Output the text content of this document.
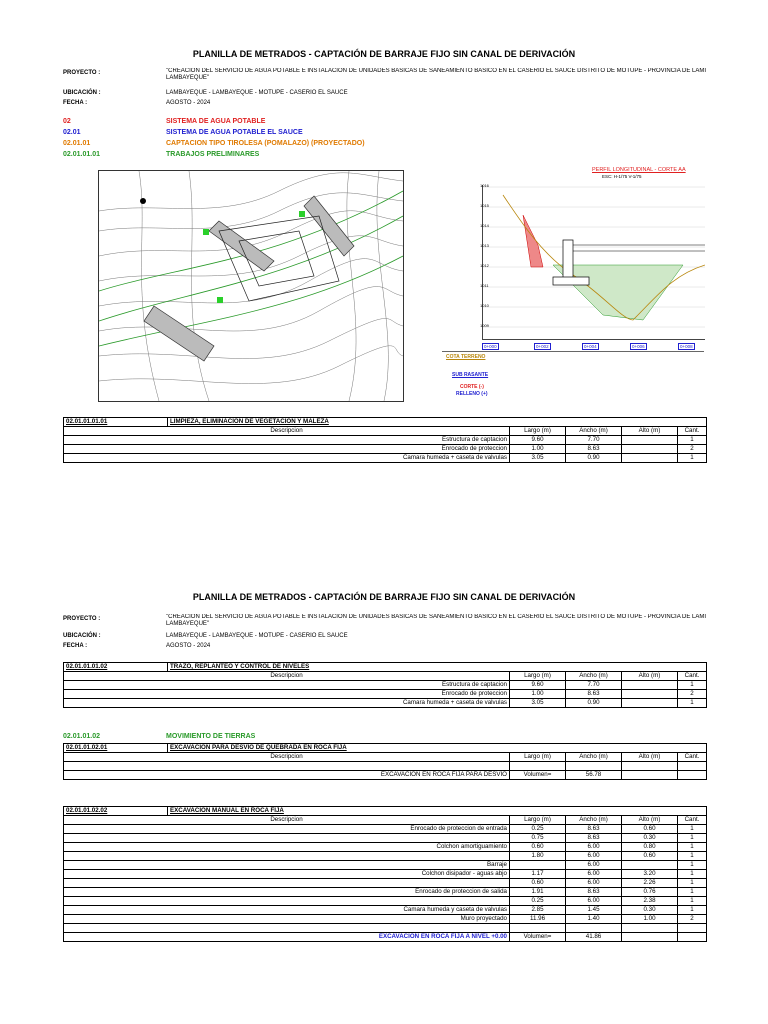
PLANILLA DE METRADOS - CAPTACIÓN DE BARRAJE FIJO SIN CANAL DE DERIVACIÓN
PROYECTO :	"CREACION DEL SERVICIO DE AGUA POTABLE E INSTALACIÓN DE UNIDADES BASICAS DE SANEAMIENTO BASICO EN EL CASERIO EL SAUCE DISTRITO DE MOTUPE - PROVINCIA DE LAMI
LAMBAYEQUE"
UBICACIÓN :	LAMBAYEQUE - LAMBAYEQUE - MOTUPE - CASERIO EL SAUCE
FECHA :	AGOSTO - 2024
02	SISTEMA DE AGUA POTABLE
02.01	SISTEMA DE AGUA POTABLE EL SAUCE
02.01.01	CAPTACION TIPO TIROLESA (POMALAZO) (PROYECTADO)
02.01.01.01	TRABAJOS PRELIMINARES
PERFIL LONGITUDINAL - CORTE AA
ESC: H-1/75 V-1/75
1016
1015
1014
1013
1012
1011
1010
1009
0+000	0+002	0+004	0+006	0+008
COTA TERRENO
SUB RASANTE
CORTE (-)
RELLENO (+)
02.01.01.01.01	LIMPIEZA, ELIMINACION DE VEGETACION Y MALEZA				
Descripcion		Largo (m)	Ancho (m)	Alto (m)	Cant.
Estructura de captacion		9.60	7.70		1
Enrocado de proteccion		1.00	8.63		2
Camara humeda + caseta de valvulas		3.05	0.90		1
PLANILLA DE METRADOS - CAPTACIÓN DE BARRAJE FIJO SIN CANAL DE DERIVACIÓN
PROYECTO :	"CREACION DEL SERVICIO DE AGUA POTABLE E INSTALACIÓN DE UNIDADES BASICAS DE SANEAMIENTO BASICO EN EL CASERIO EL SAUCE DISTRITO DE MOTUPE - PROVINCIA DE LAMI
LAMBAYEQUE"
UBICACIÓN :	LAMBAYEQUE - LAMBAYEQUE - MOTUPE - CASERIO EL SAUCE
FECHA :	AGOSTO - 2024
02.01.01.01.02	TRAZO, REPLANTEO Y CONTROL DE NIVELES				
Descripcion		Largo (m)	Ancho (m)	Alto (m)	Cant.
Estructura de captacion		9.60	7.70		1
Enrocado de proteccion		1.00	8.63		2
Camara humeda + caseta de valvulas		3.05	0.90		1
02.01.01.02	MOVIMIENTO DE TIERRAS
02.01.01.02.01	EXCAVACION PARA DESVIO DE QUEBRADA EN ROCA FIJA				
Descripcion		Largo (m)	Ancho (m)	Alto (m)	Cant.

EXCAVACION EN ROCA FIJA PARA DESVIO		Volumen=	56.78		
02.01.01.02.02	EXCAVACION MANUAL EN ROCA FIJA				
Descripcion		Largo (m)	Ancho (m)	Alto (m)	Cant.
Enrocado de proteccion de entrada		0.25	8.63	0.60	1
		0.75	8.63	0.30	1
Colchon amortiguamiento		0.60	6.00	0.80	1
		1.80	6.00	0.60	1
Barraje			6.00		1
Colchon disipador - aguas abjo		1.17	6.00	3.20	1
		0.60	6.00	2.26	1
Enrocado de proteccion de salida		1.91	8.63	0.76	1
		0.25	6.00	2.38	1
Camara humeda y caseta de valvulas		2.85	1.45	0.30	1
Muro proyectado		11.96	1.40	1.00	2

EXCAVACION EN ROCA FIJA A NIVEL +0.00		Volumen=	41.86		
